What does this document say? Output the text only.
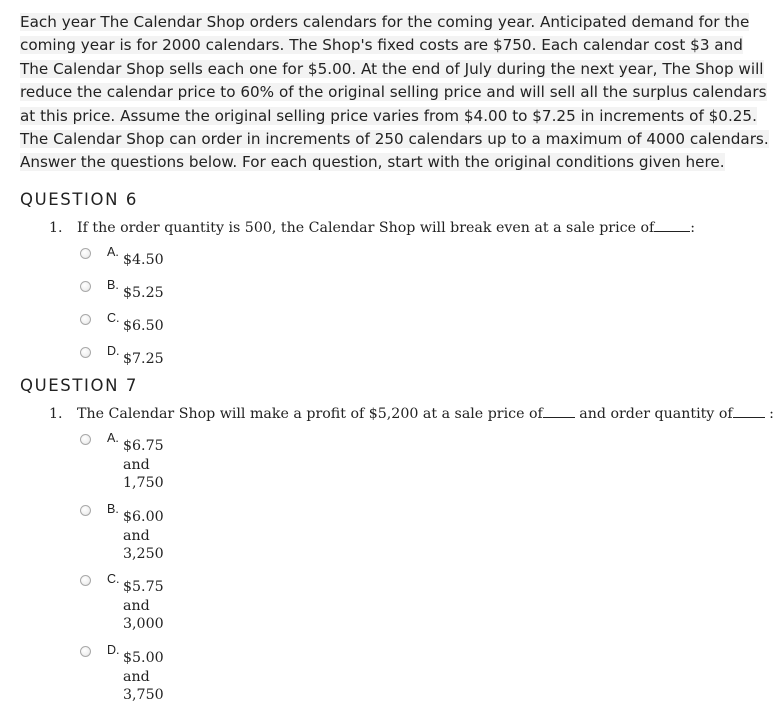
Each year The Calendar Shop orders calendars for the coming year. Anticipated demand for the coming year is for 2000 calendars. The Shop's fixed costs are $750. Each calendar cost $3 and The Calendar Shop sells each one for $5.00. At the end of July during the next year, The Shop will reduce the calendar price to 60% of the original selling price and will sell all the surplus calendars at this price. Assume the original selling price varies from $4.00 to $7.25 in increments of $0.25. The Calendar Shop can order in increments of 250 calendars up to a maximum of 4000 calendars. Answer the questions below. For each question, start with the original conditions given here.
QUESTION 6
1. If the order quantity is 500, the Calendar Shop will break even at a sale price of	:
A. $4.50
B. $5.25
C. $6.50
D. $7.25
QUESTION 7
1. The Calendar Shop will make a profit of $5,200 at a sale price of and order quantity of :
A. $6.75
and
1,750
B. $6.00
and
3,250
C. $5.75
and
3,000
D. $5.00
and
3,750
